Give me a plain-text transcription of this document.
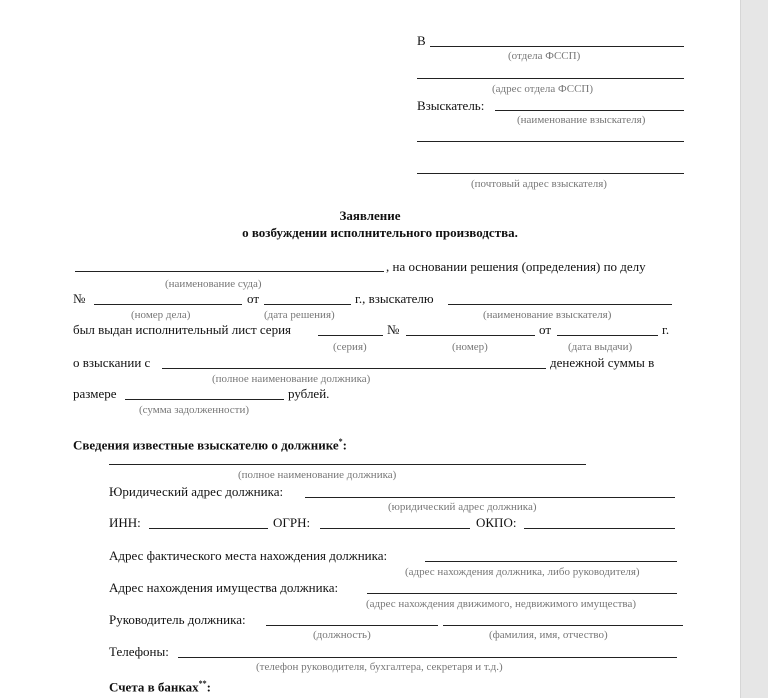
В
(отдела ФССП)
(адрес отдела ФССП)
Взыскатель:
(наименование взыскателя)
(почтовый адрес взыскателя)
Заявление
о возбуждении исполнительного производства.
, на основании решения (определения) по делу
(наименование суда)
№	от	г., взыскателю
(номер дела)	(дата решения)	(наименование взыскателя)
был выдан исполнительный лист серия	№	от	г.
(серия)	(номер)	(дата выдачи)
о взыскании с	денежной суммы в
(полное наименование должника)
размере	рублей.
(сумма задолженности)
Сведения известные взыскателю о должнике*:
(полное наименование должника)
Юридический адрес должника:
(юридический адрес должника)
ИНН:	ОГРН:	ОКПО:
Адрес фактического места нахождения должника:
(адрес нахождения должника, либо руководителя)
Адрес нахождения имущества должника:
(адрес нахождения движимого, недвижимого имущества)
Руководитель должника:
(должность)	(фамилия, имя, отчество)
Телефоны:
(телефон руководителя, бухгалтера, секретаря и т.д.)
Счета в банках**:
